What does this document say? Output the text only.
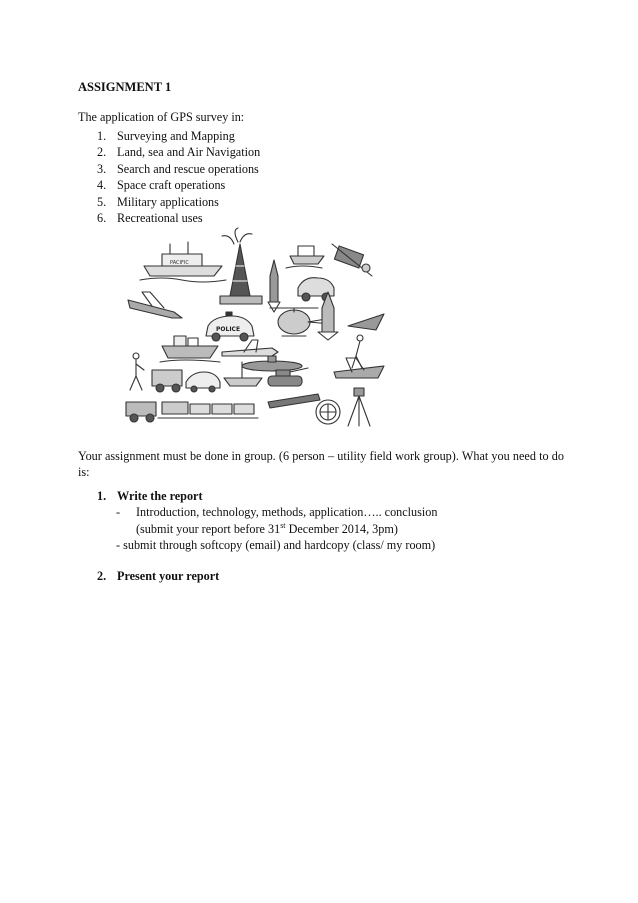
ASSIGNMENT 1
The application of GPS survey in:
1. Surveying and Mapping
2. Land, sea and Air Navigation
3. Search and rescue operations
4. Space craft operations
5. Military applications
6. Recreational uses
PACIFIC
POLICE
Your assignment must be done in group. (6 person – utility field work group). What you need to do is:
1. Write the report
- Introduction, technology, methods, application….. conclusion
(submit your report before 31st December 2014, 3pm)
- submit through softcopy (email) and hardcopy (class/ my room)
2. Present your report
